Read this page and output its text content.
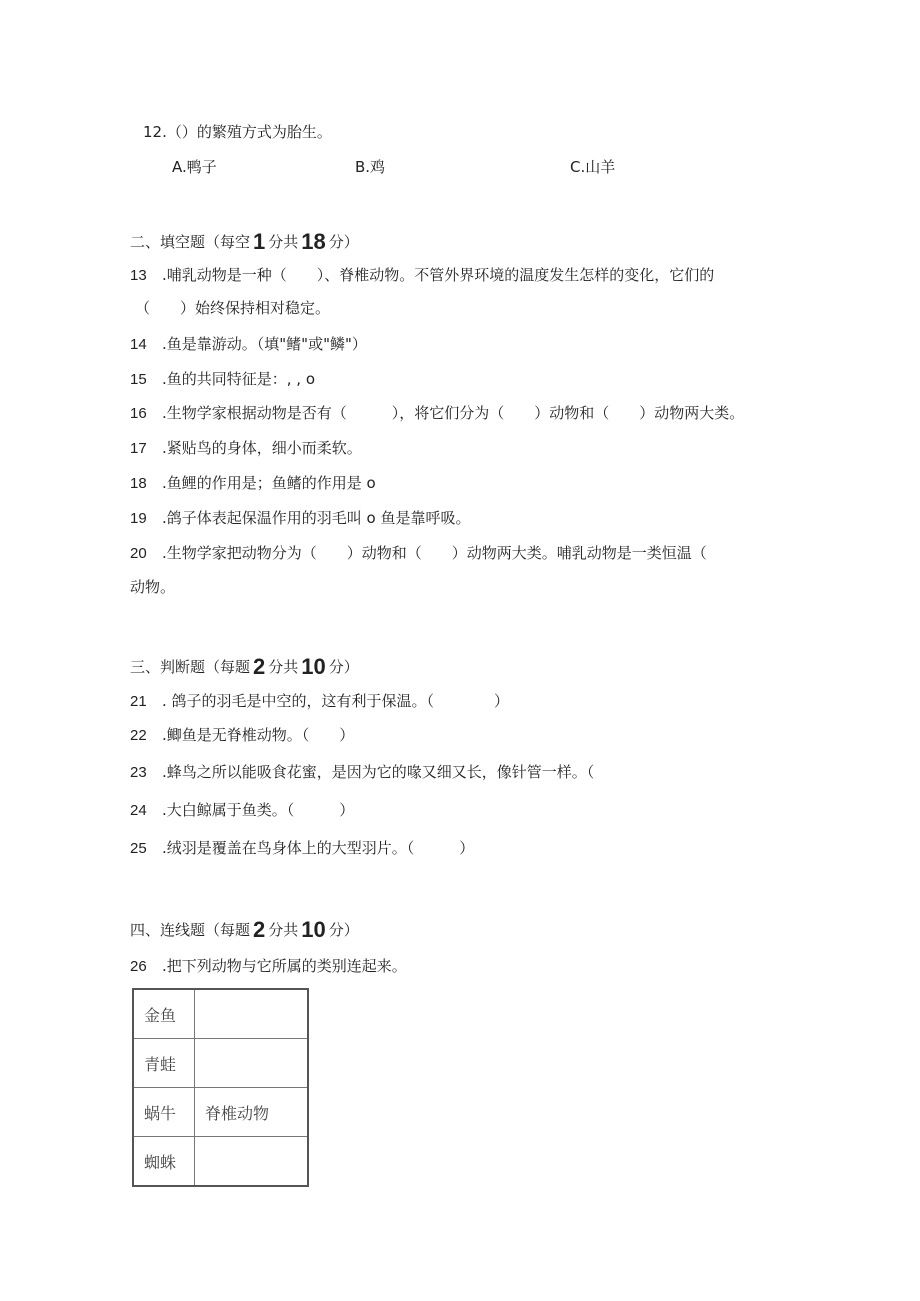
12.（）的繁殖方式为胎生。
A.鸭子	B.鸡	C.山羊
二、填空题（每空 1 分共 18 分）
13 .哺乳动物是一种（　　）、脊椎动物。不管外界环境的温度发生怎样的变化，它们的
（　　）始终保持相对稳定。
14 .鱼是靠游动。（填"鳍"或"鳞"）
15 .鱼的共同特征是：, , o
16 .生物学家根据动物是否有（　　　），将它们分为（　　）动物和（　　）动物两大类。
17 .紧贴鸟的身体，细小而柔软。
18 .鱼鲤的作用是；鱼鳍的作用是 o
19 .鸽子体表起保温作用的羽毛叫 o 鱼是靠呼吸。
20 .生物学家把动物分为（　　）动物和（　　）动物两大类。哺乳动物是一类恒温（
动物。
三、判断题（每题 2 分共 10 分）
21 . 鸽子的羽毛是中空的，这有利于保温。（　　　　）
22 .鲫鱼是无脊椎动物。（　　）
23 .蜂鸟之所以能吸食花蜜，是因为它的喙又细又长，像针管一样。（
24 .大白鲸属于鱼类。（　　　）
25 .绒羽是覆盖在鸟身体上的大型羽片。（　　　）
四、连线题（每题 2 分共 10 分）
26 .把下列动物与它所属的类别连起来。
金鱼	
青蛙	
蜗牛	脊椎动物
蜘蛛	
